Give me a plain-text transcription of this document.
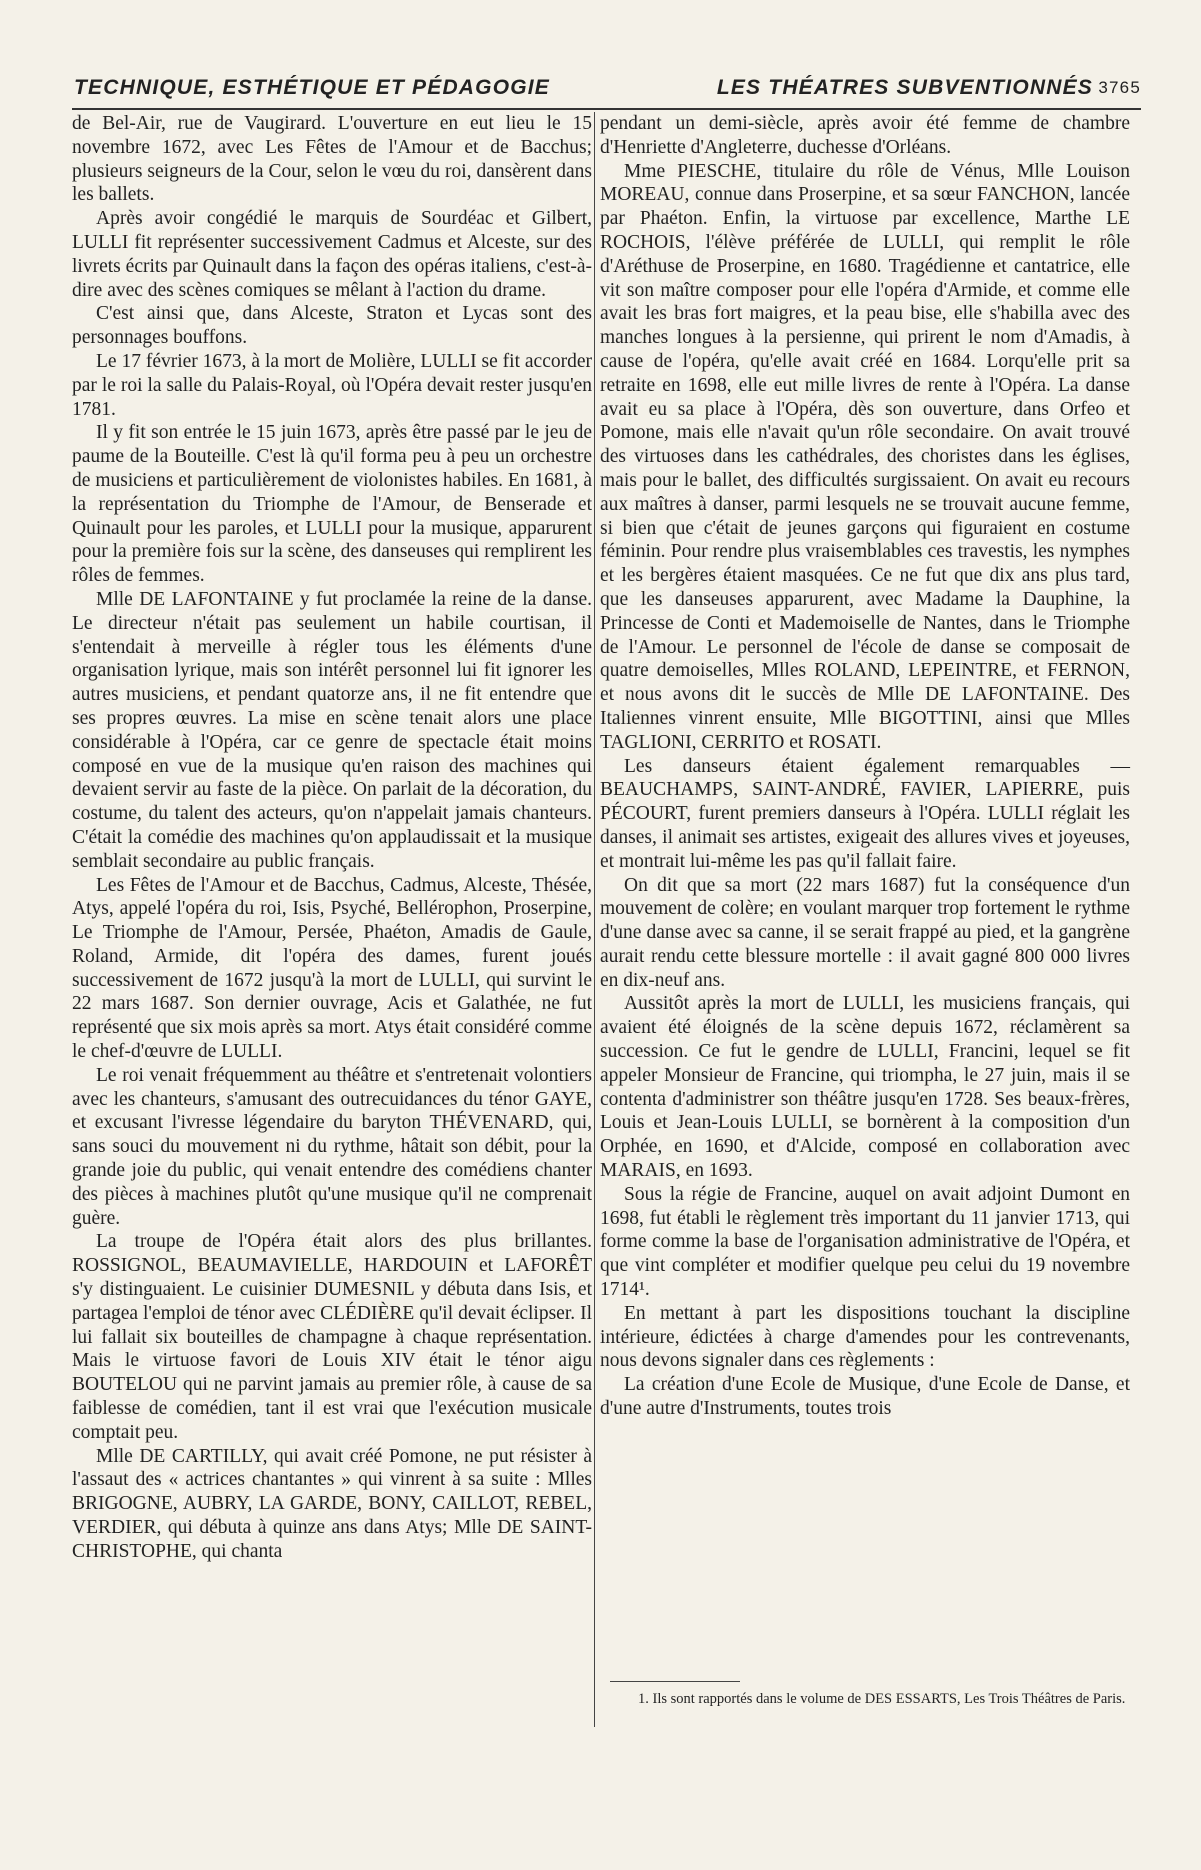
TECHNIQUE, ESTHÉTIQUE ET PÉDAGOGIE	LES THÉATRES SUBVENTIONNÉS 3765

de Bel-Air, rue de Vaugirard. L'ouverture en eut lieu le 15 novembre 1672, avec Les Fêtes de l'Amour et de Bacchus; plusieurs seigneurs de la Cour, selon le vœu du roi, dansèrent dans les ballets.

Après avoir congédié le marquis de Sourdéac et Gilbert, LULLI fit représenter successivement Cadmus et Alceste, sur des livrets écrits par Quinault dans la façon des opéras italiens, c'est-à-dire avec des scènes comiques se mêlant à l'action du drame.

C'est ainsi que, dans Alceste, Straton et Lycas sont des personnages bouffons.

Le 17 février 1673, à la mort de Molière, LULLI se fit accorder par le roi la salle du Palais-Royal, où l'Opéra devait rester jusqu'en 1781.

Il y fit son entrée le 15 juin 1673, après être passé par le jeu de paume de la Bouteille. C'est là qu'il forma peu à peu un orchestre de musiciens et particulièrement de violonistes habiles. En 1681, à la représentation du Triomphe de l'Amour, de Benserade et Quinault pour les paroles, et LULLI pour la musique, apparurent pour la première fois sur la scène, des danseuses qui remplirent les rôles de femmes.

Mlle DE LAFONTAINE y fut proclamée la reine de la danse. Le directeur n'était pas seulement un habile courtisan, il s'entendait à merveille à régler tous les éléments d'une organisation lyrique, mais son intérêt personnel lui fit ignorer les autres musiciens, et pendant quatorze ans, il ne fit entendre que ses propres œuvres. La mise en scène tenait alors une place considérable à l'Opéra, car ce genre de spectacle était moins composé en vue de la musique qu'en raison des machines qui devaient servir au faste de la pièce. On parlait de la décoration, du costume, du talent des acteurs, qu'on n'appelait jamais chanteurs. C'était la comédie des machines qu'on applaudissait et la musique semblait secondaire au public français.

Les Fêtes de l'Amour et de Bacchus, Cadmus, Alceste, Thésée, Atys, appelé l'opéra du roi, Isis, Psyché, Bellérophon, Proserpine, Le Triomphe de l'Amour, Persée, Phaéton, Amadis de Gaule, Roland, Armide, dit l'opéra des dames, furent joués successivement de 1672 jusqu'à la mort de LULLI, qui survint le 22 mars 1687. Son dernier ouvrage, Acis et Galathée, ne fut représenté que six mois après sa mort. Atys était considéré comme le chef-d'œuvre de LULLI.

Le roi venait fréquemment au théâtre et s'entretenait volontiers avec les chanteurs, s'amusant des outrecuidances du ténor GAYE, et excusant l'ivresse légendaire du baryton THÉVENARD, qui, sans souci du mouvement ni du rythme, hâtait son débit, pour la grande joie du public, qui venait entendre des comédiens chanter des pièces à machines plutôt qu'une musique qu'il ne comprenait guère.

La troupe de l'Opéra était alors des plus brillantes. ROSSIGNOL, BEAUMAVIELLE, HARDOUIN et LAFORÊT s'y distinguaient. Le cuisinier DUMESNIL y débuta dans Isis, et partagea l'emploi de ténor avec CLÉDIÈRE qu'il devait éclipser. Il lui fallait six bouteilles de champagne à chaque représentation. Mais le virtuose favori de Louis XIV était le ténor aigu BOUTELOU qui ne parvint jamais au premier rôle, à cause de sa faiblesse de comédien, tant il est vrai que l'exécution musicale comptait peu.

Mlle DE CARTILLY, qui avait créé Pomone, ne put résister à l'assaut des « actrices chantantes » qui vinrent à sa suite : Mlles BRIGOGNE, AUBRY, LA GARDE, BONY, CAILLOT, REBEL, VERDIER, qui débuta à quinze ans dans Atys; Mlle DE SAINT-CHRISTOPHE, qui chanta

pendant un demi-siècle, après avoir été femme de chambre d'Henriette d'Angleterre, duchesse d'Orléans.

Mme PIESCHE, titulaire du rôle de Vénus, Mlle Louison MOREAU, connue dans Proserpine, et sa sœur FANCHON, lancée par Phaéton. Enfin, la virtuose par excellence, Marthe LE ROCHOIS, l'élève préférée de LULLI, qui remplit le rôle d'Aréthuse de Proserpine, en 1680. Tragédienne et cantatrice, elle vit son maître composer pour elle l'opéra d'Armide, et comme elle avait les bras fort maigres, et la peau bise, elle s'habilla avec des manches longues à la persienne, qui prirent le nom d'Amadis, à cause de l'opéra, qu'elle avait créé en 1684. Lorqu'elle prit sa retraite en 1698, elle eut mille livres de rente à l'Opéra. La danse avait eu sa place à l'Opéra, dès son ouverture, dans Orfeo et Pomone, mais elle n'avait qu'un rôle secondaire. On avait trouvé des virtuoses dans les cathédrales, des choristes dans les églises, mais pour le ballet, des difficultés surgissaient. On avait eu recours aux maîtres à danser, parmi lesquels ne se trouvait aucune femme, si bien que c'était de jeunes garçons qui figuraient en costume féminin. Pour rendre plus vraisemblables ces travestis, les nymphes et les bergères étaient masquées. Ce ne fut que dix ans plus tard, que les danseuses apparurent, avec Madame la Dauphine, la Princesse de Conti et Mademoiselle de Nantes, dans le Triomphe de l'Amour. Le personnel de l'école de danse se composait de quatre demoiselles, Mlles ROLAND, LEPEINTRE, et FERNON, et nous avons dit le succès de Mlle DE LAFONTAINE. Des Italiennes vinrent ensuite, Mlle BIGOTTINI, ainsi que Mlles TAGLIONI, CERRITO et ROSATI.

Les danseurs étaient également remarquables — BEAUCHAMPS, SAINT-ANDRÉ, FAVIER, LAPIERRE, puis PÉCOURT, furent premiers danseurs à l'Opéra. LULLI réglait les danses, il animait ses artistes, exigeait des allures vives et joyeuses, et montrait lui-même les pas qu'il fallait faire.

On dit que sa mort (22 mars 1687) fut la conséquence d'un mouvement de colère; en voulant marquer trop fortement le rythme d'une danse avec sa canne, il se serait frappé au pied, et la gangrène aurait rendu cette blessure mortelle : il avait gagné 800 000 livres en dix-neuf ans.

Aussitôt après la mort de LULLI, les musiciens français, qui avaient été éloignés de la scène depuis 1672, réclamèrent sa succession. Ce fut le gendre de LULLI, Francini, lequel se fit appeler Monsieur de Francine, qui triompha, le 27 juin, mais il se contenta d'administrer son théâtre jusqu'en 1728. Ses beaux-frères, Louis et Jean-Louis LULLI, se bornèrent à la composition d'un Orphée, en 1690, et d'Alcide, composé en collaboration avec MARAIS, en 1693.

Sous la régie de Francine, auquel on avait adjoint Dumont en 1698, fut établi le règlement très important du 11 janvier 1713, qui forme comme la base de l'organisation administrative de l'Opéra, et que vint compléter et modifier quelque peu celui du 19 novembre 1714¹.

En mettant à part les dispositions touchant la discipline intérieure, édictées à charge d'amendes pour les contrevenants, nous devons signaler dans ces règlements :

La création d'une Ecole de Musique, d'une Ecole de Danse, et d'une autre d'Instruments, toutes trois

1. Ils sont rapportés dans le volume de DES ESSARTS, Les Trois Théâtres de Paris.
